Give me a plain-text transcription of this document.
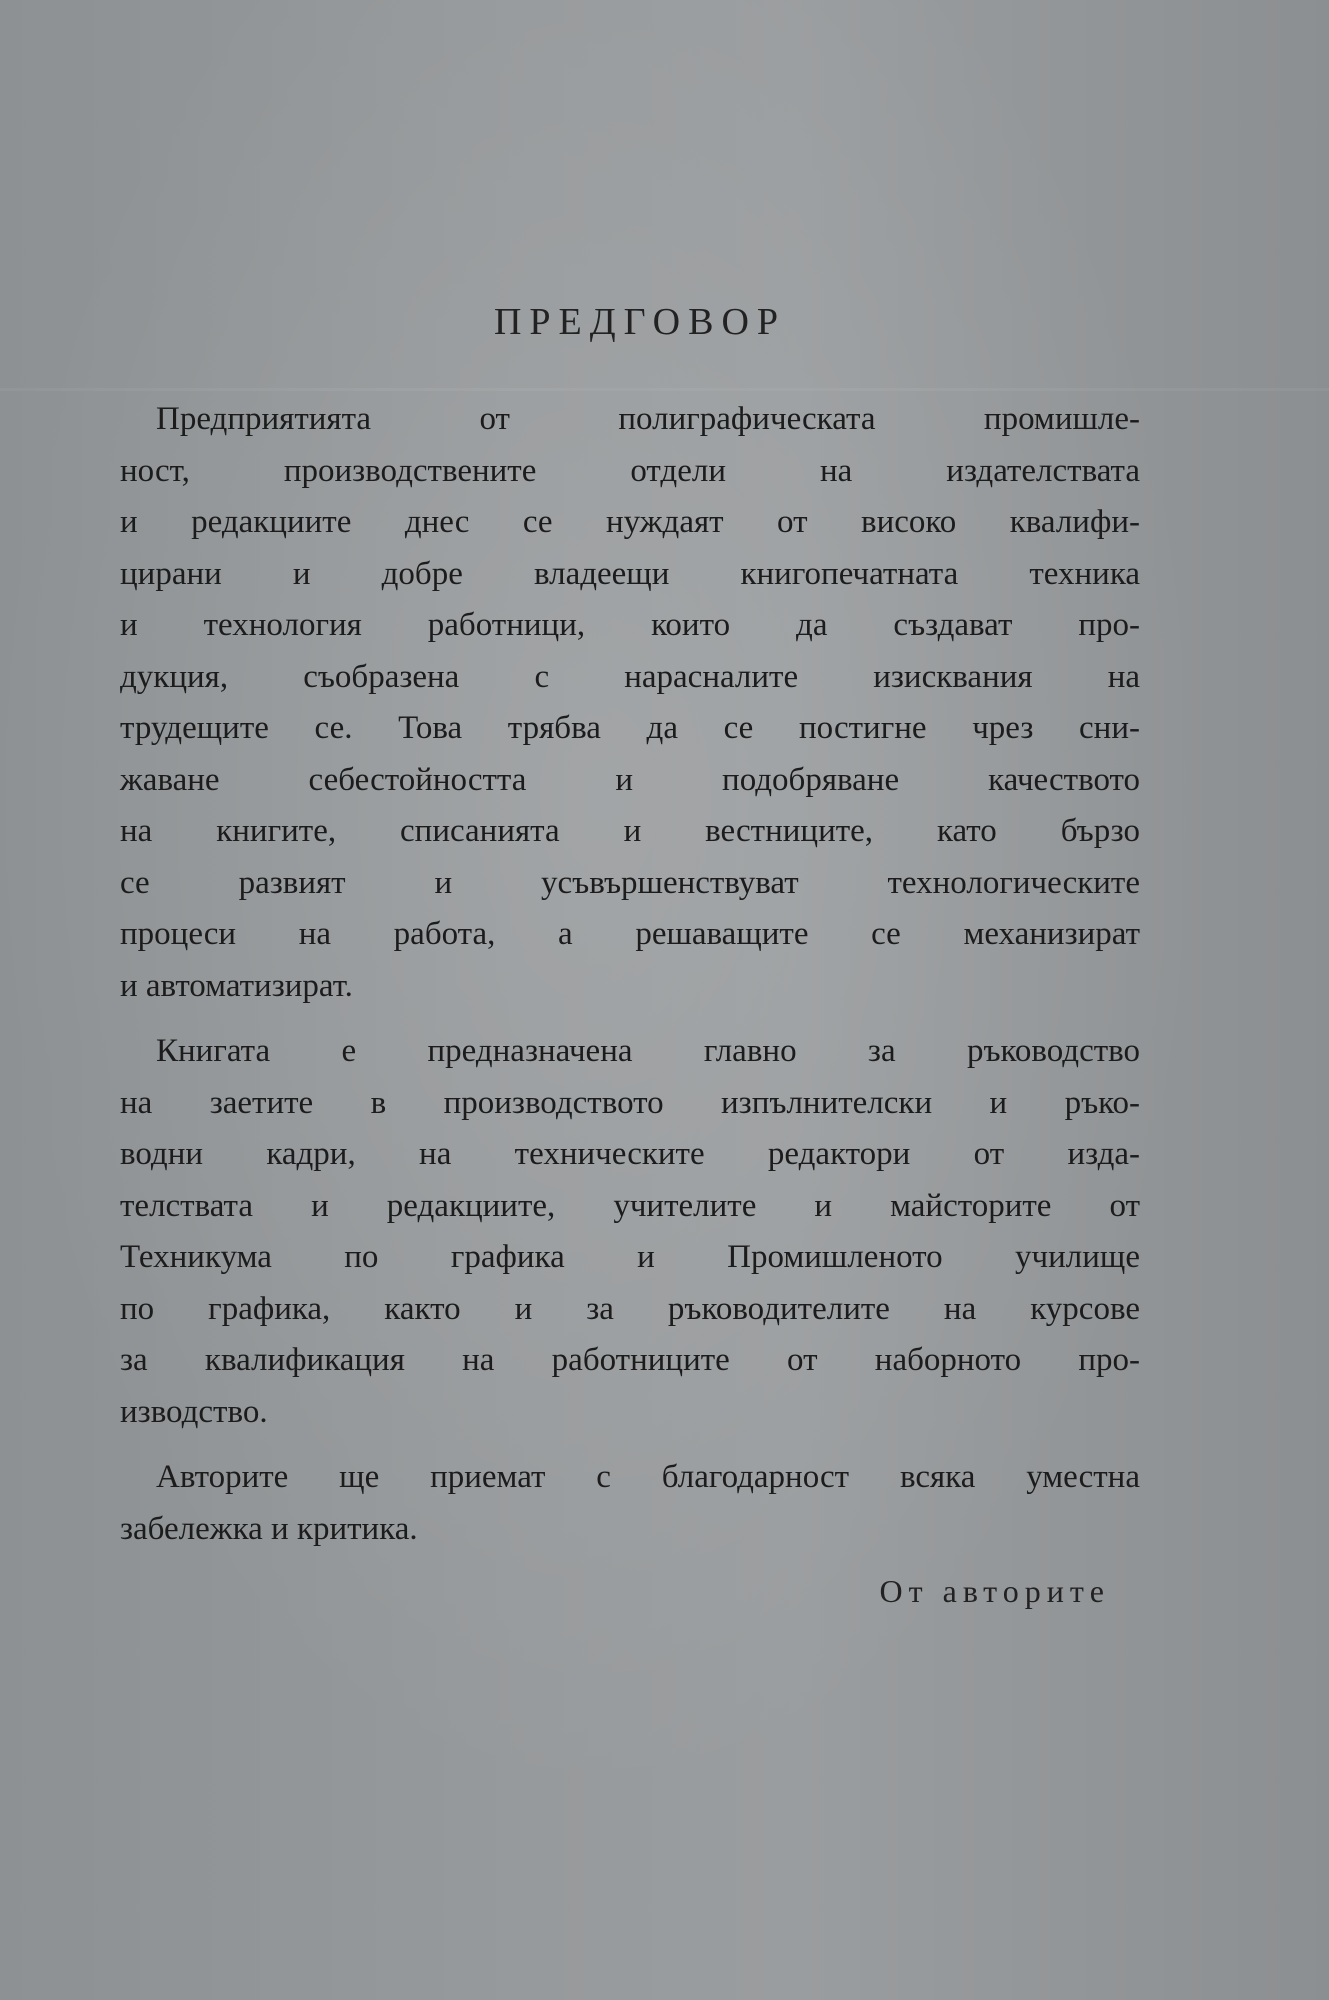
ПРЕДГОВОР

Предприятията от полиграфическата промишле-
ност, производствените отдели на издателствата
и редакциите днес се нуждаят от високо квалифи-
цирани и добре владеещи книгопечатната техника
и технология работници, които да създават про-
дукция, съобразена с нарасналите изисквания на
трудещите се. Това трябва да се постигне чрез сни-
жаване себестойността и подобряване качеството
на книгите, списанията и вестниците, като бързо
се развият и усъвършенствуват технологическите
процеси на работа, а решаващите се механизират
и автоматизират.

Книгата е предназначена главно за ръководство
на заетите в производството изпълнителски и ръко-
водни кадри, на техническите редактори от изда-
телствата и редакциите, учителите и майсторите от
Техникума по графика и Промишленото училище
по графика, както и за ръководителите на курсове
за квалификация на работниците от наборното про-
изводство.

Авторите ще приемат с благодарност всяка уместна
забележка и критика.

От авторите
